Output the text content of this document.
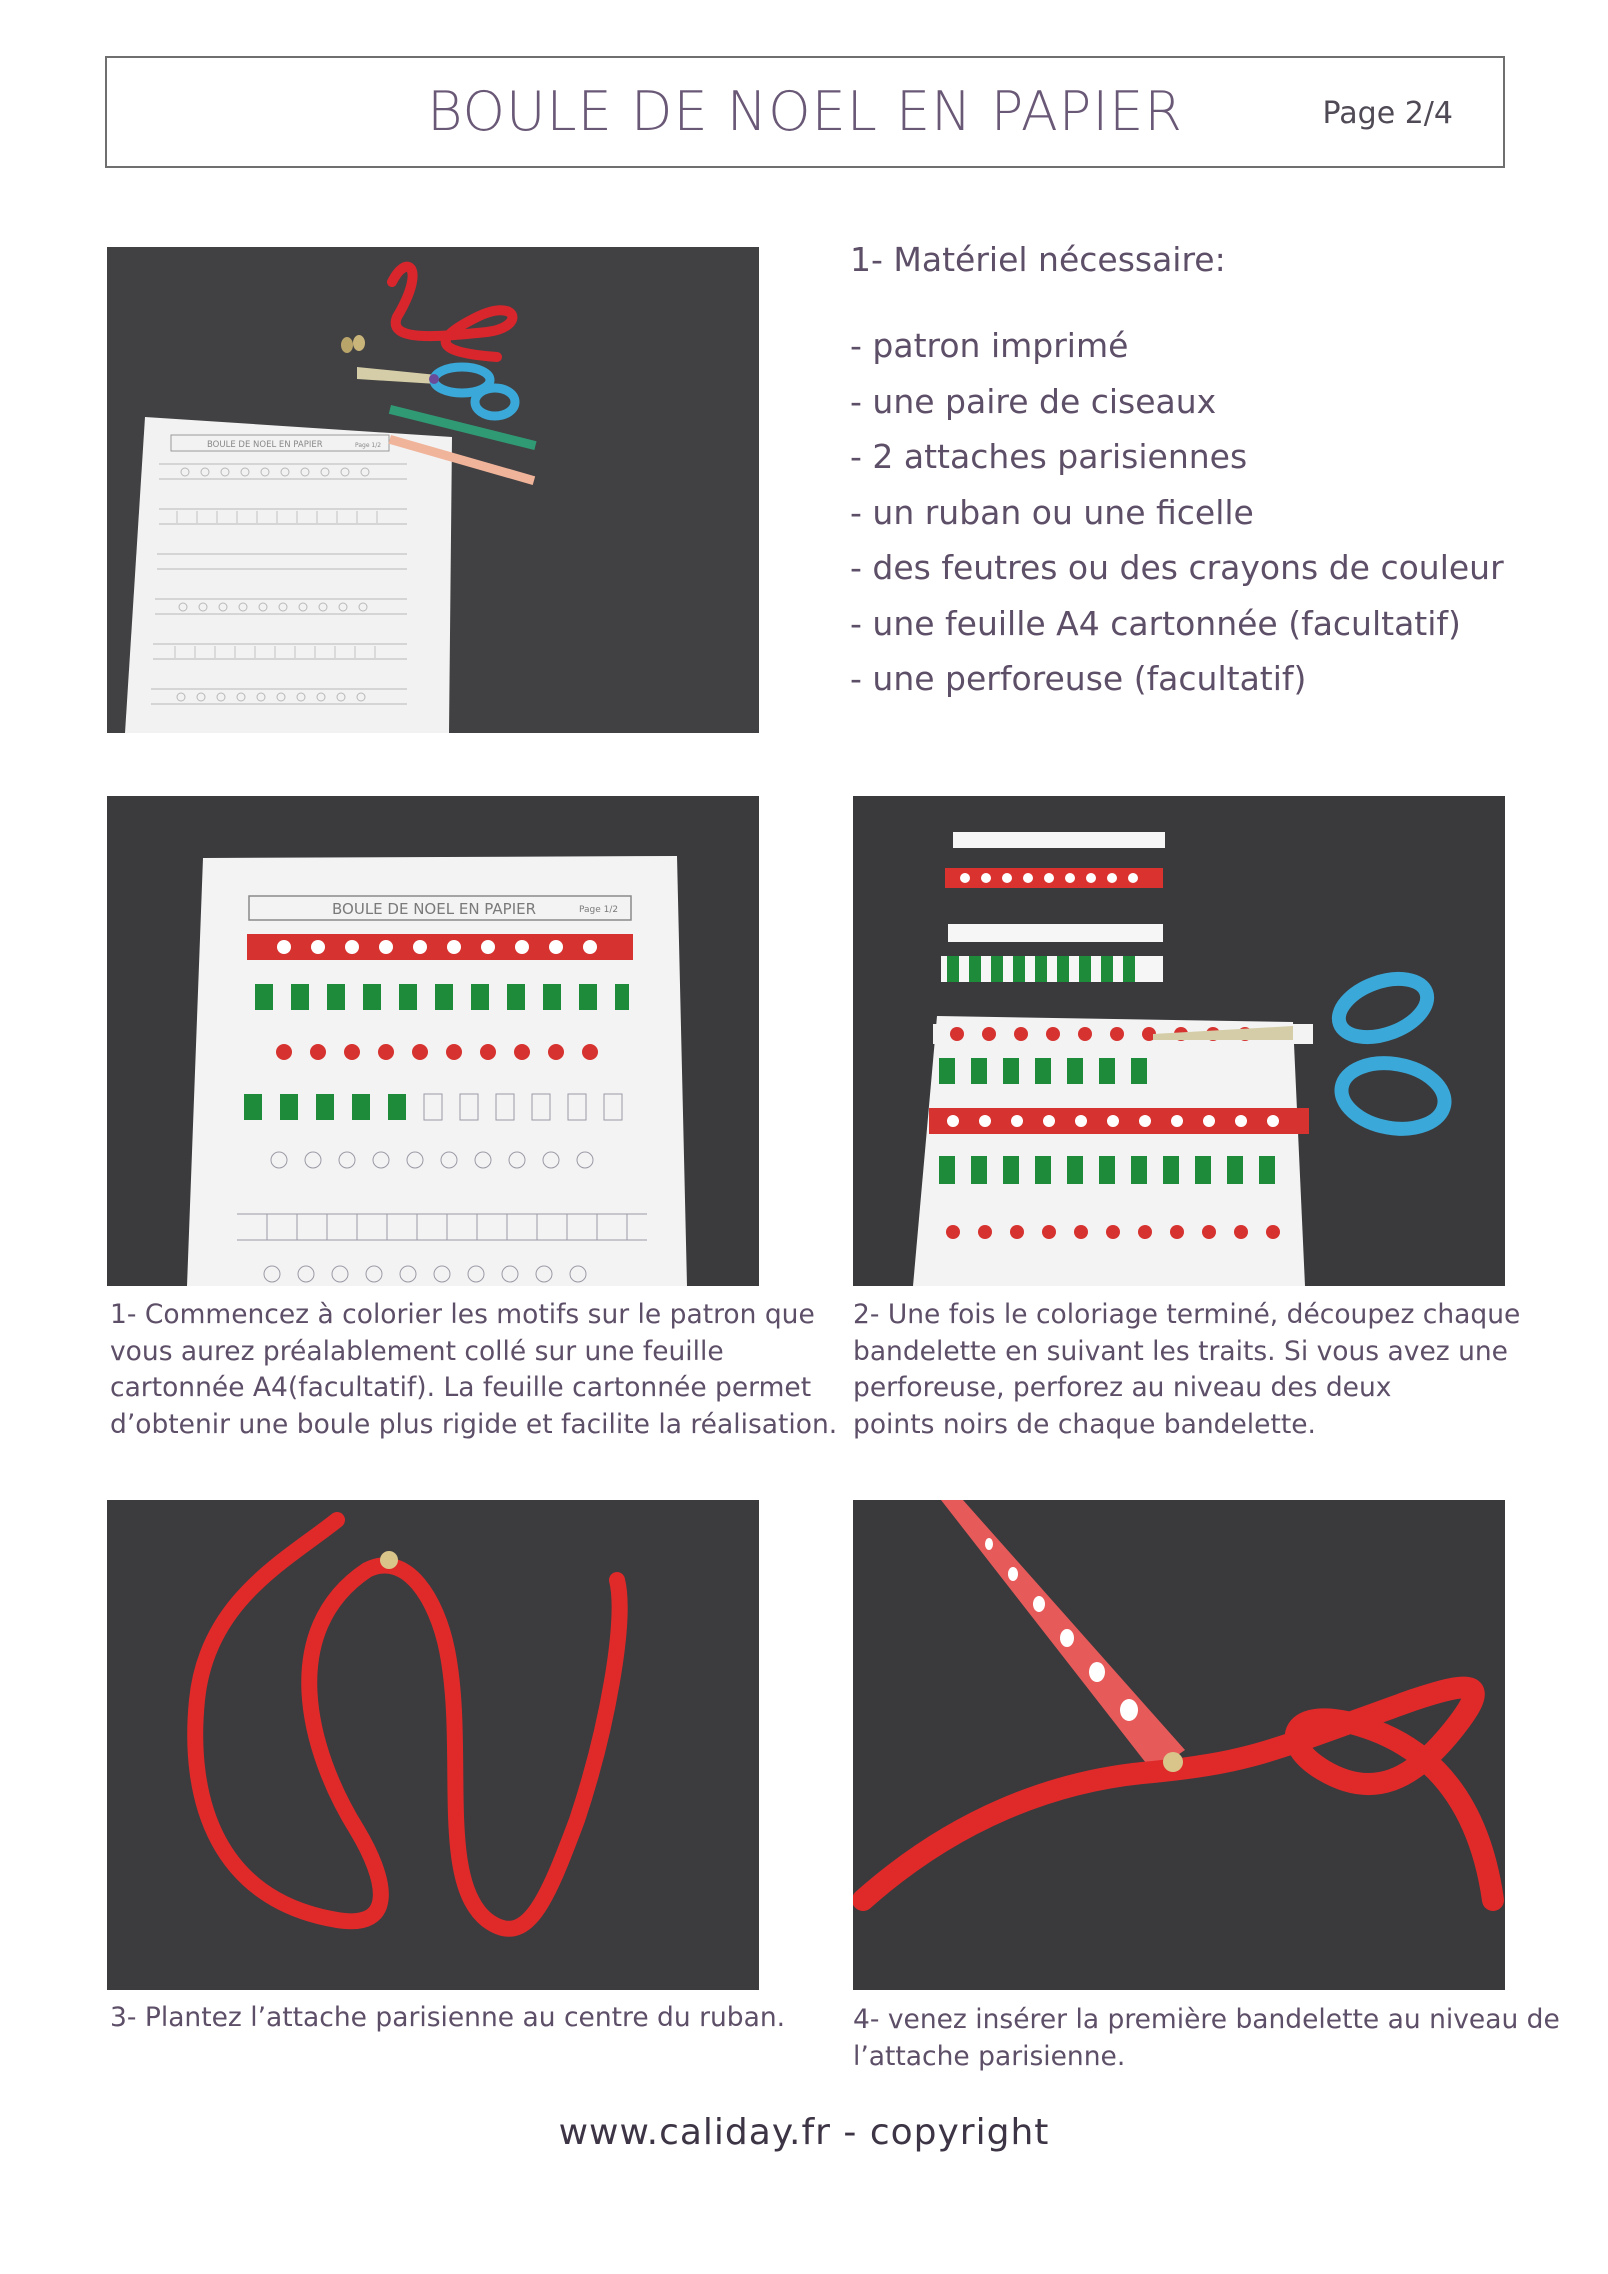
BOULE DE NOEL EN PAPIER	Page 2/4
BOULE DE NOEL EN PAPIER	Page 1/2
1- Matériel nécessaire:
- patron imprimé
- une paire de ciseaux
- 2 attaches parisiennes
- un ruban ou une ficelle
- des feutres ou des crayons de couleur
- une feuille A4 cartonnée (facultatif)
- une perforeuse (facultatif)
BOULE DE NOEL EN PAPIER	Page 1/2
1- Commencez à colorier les motifs sur le patron que
vous aurez préalablement collé sur une feuille
cartonnée A4(facultatif). La feuille cartonnée permet
d’obtenir une boule plus rigide et facilite la réalisation.
2- Une fois le coloriage terminé, découpez chaque
bandelette en suivant les traits. Si vous avez une
perforeuse, perforez au niveau des deux
points noirs de chaque bandelette.
3- Plantez l’attache parisienne au centre du ruban.	4- venez insérer la première bandelette au niveau de
l’attache parisienne.
www.caliday.fr - copyright
